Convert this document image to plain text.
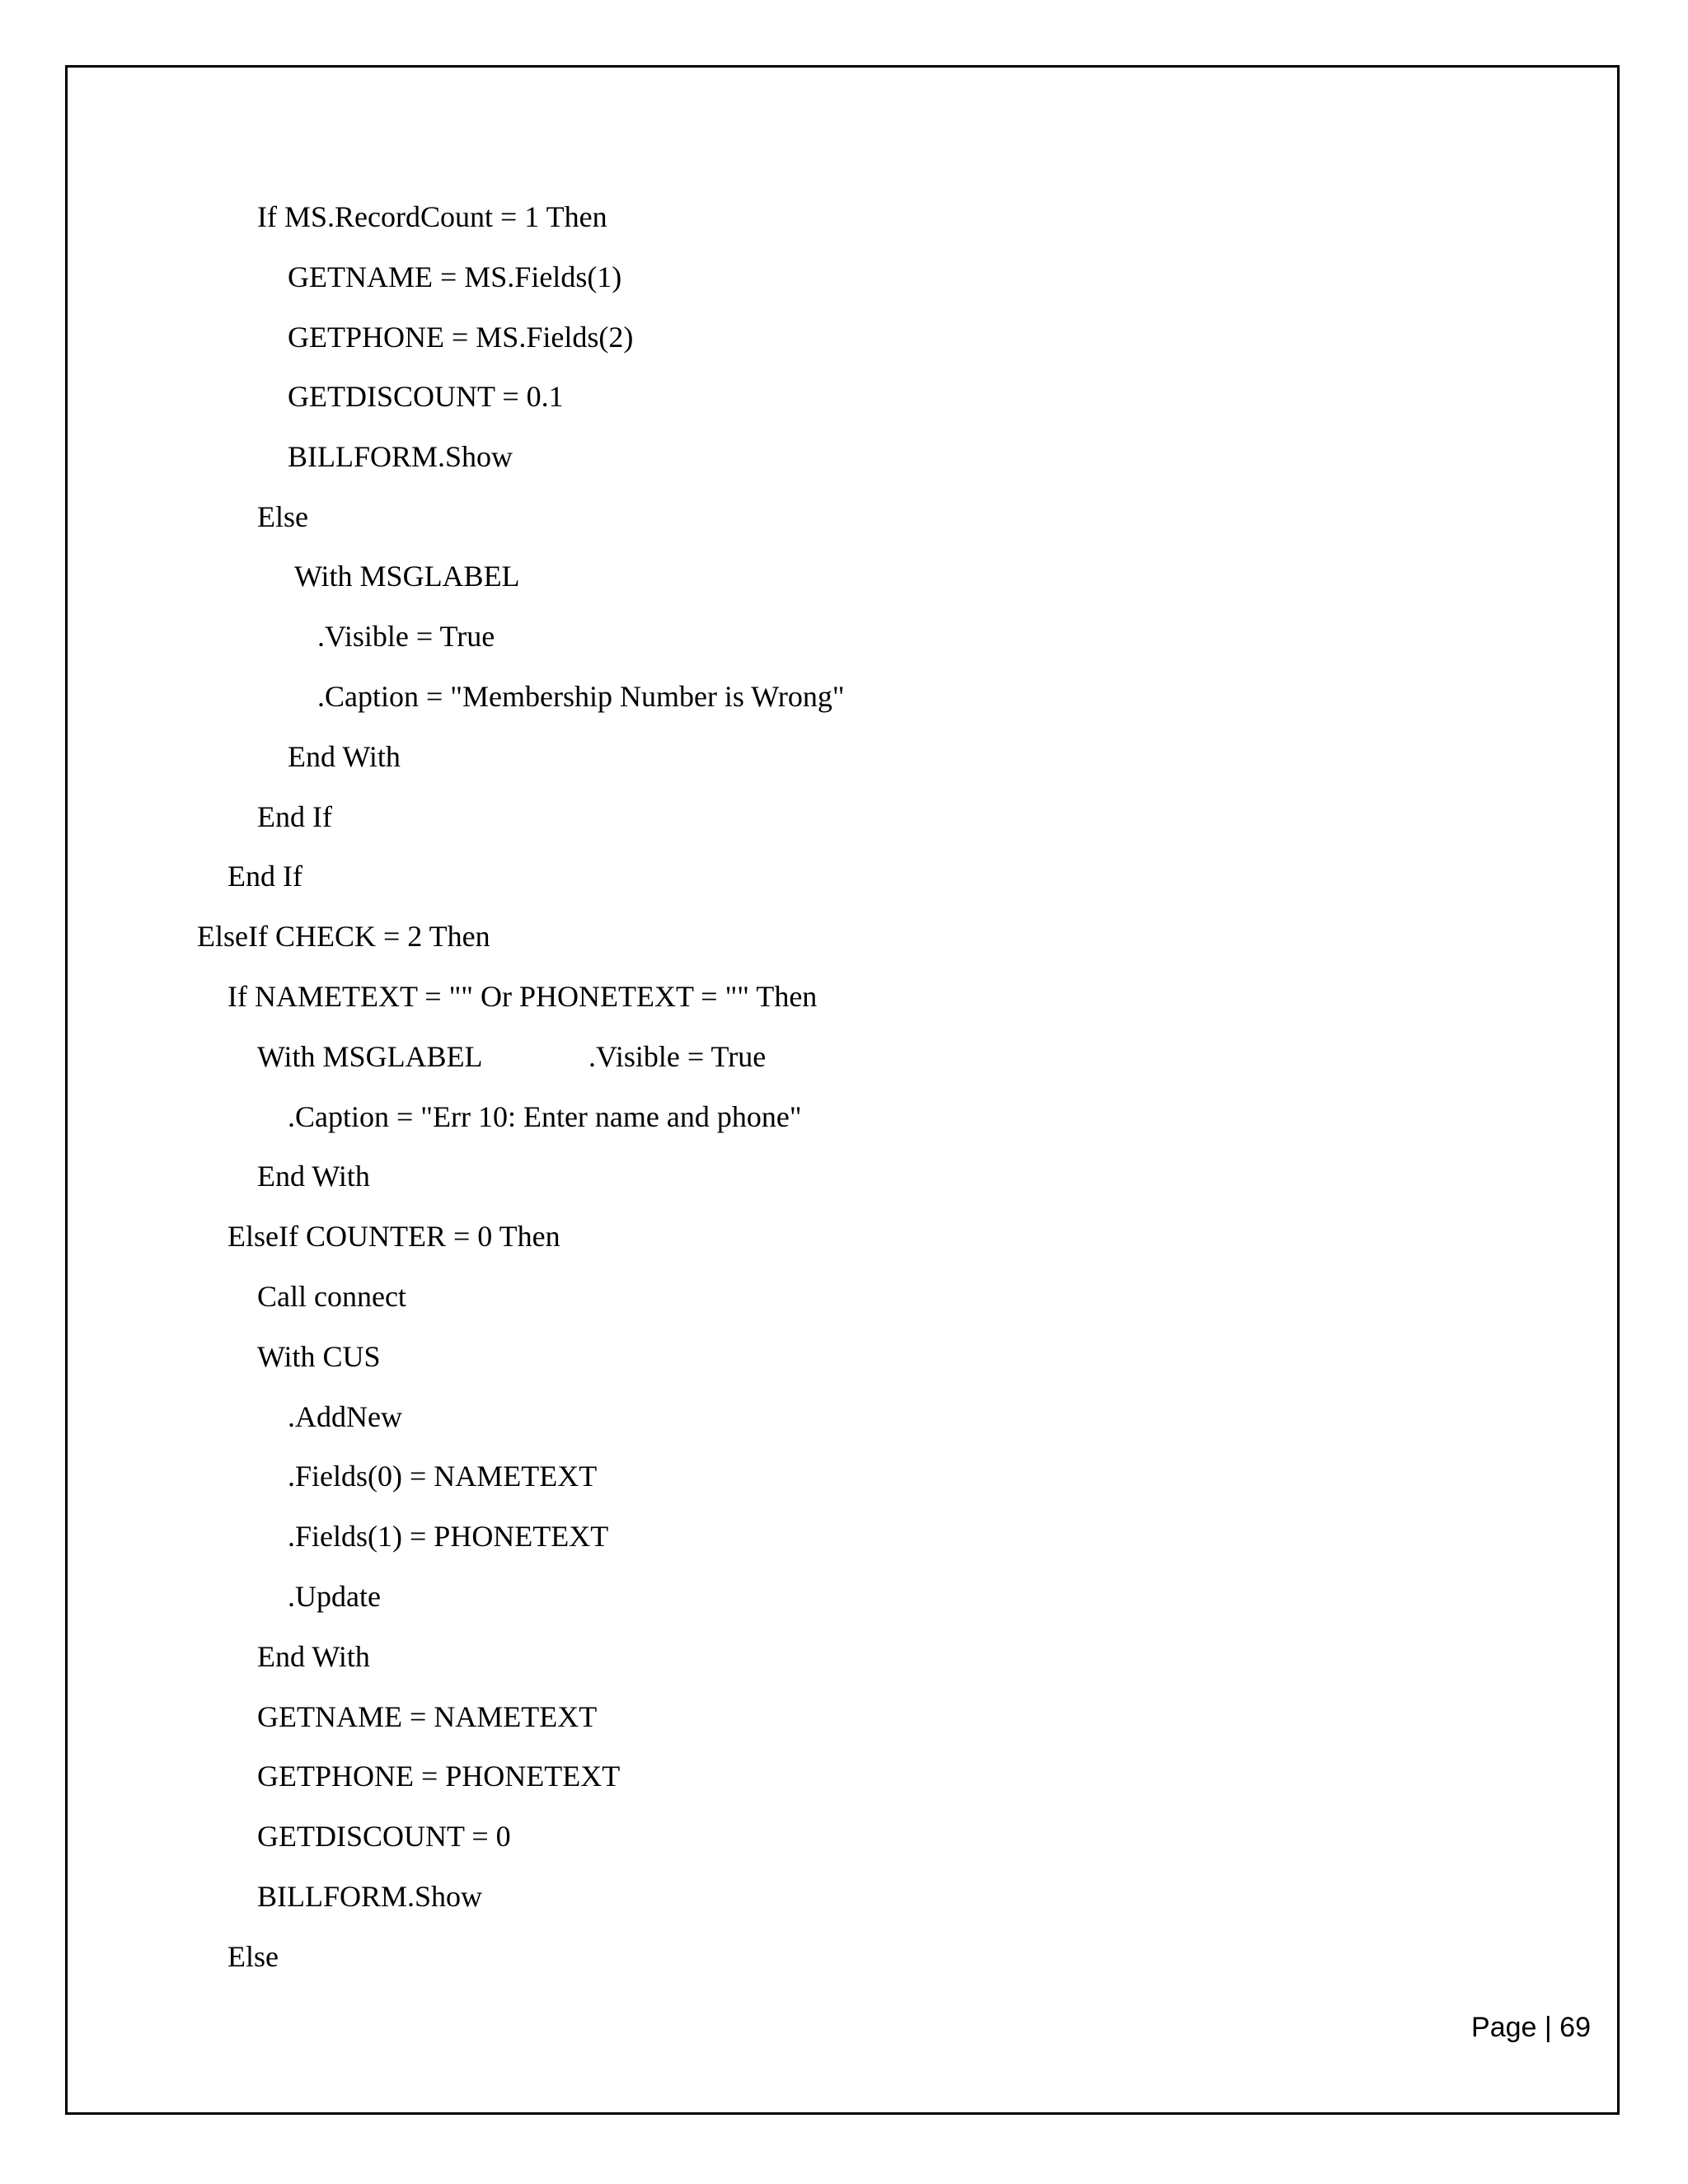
If MS.RecordCount = 1 Then
GETNAME = MS.Fields(1)
GETPHONE = MS.Fields(2)
GETDISCOUNT = 0.1
BILLFORM.Show
Else
With MSGLABEL
.Visible = True
.Caption = "Membership Number is Wrong"
End With
End If
End If
ElseIf CHECK = 2 Then
If NAMETEXT = "" Or PHONETEXT = "" Then
With MSGLABEL	.Visible = True
.Caption = "Err 10: Enter name and phone"
End With
ElseIf COUNTER = 0 Then
Call connect
With CUS
.AddNew
.Fields(0) = NAMETEXT
.Fields(1) = PHONETEXT
.Update
End With
GETNAME = NAMETEXT
GETPHONE = PHONETEXT
GETDISCOUNT = 0
BILLFORM.Show
Else
Page | 69
